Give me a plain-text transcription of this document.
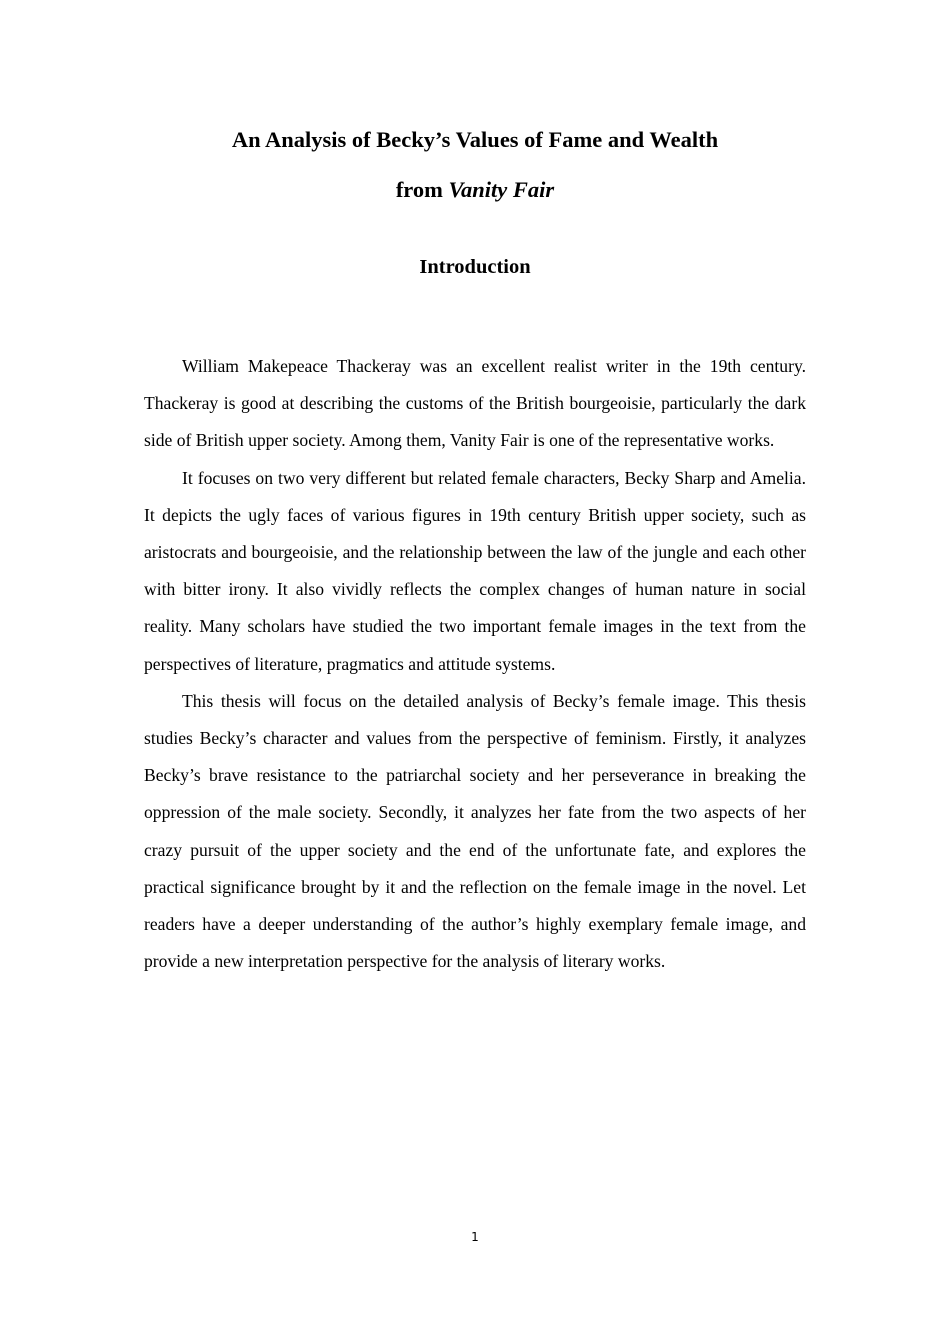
An Analysis of Becky’s Values of Fame and Wealth
from Vanity Fair
Introduction

William Makepeace Thackeray was an excellent realist writer in the 19th century. Thackeray is good at describing the customs of the British bourgeoisie, particularly the dark side of British upper society. Among them, Vanity Fair is one of the representative works.

It focuses on two very different but related female characters, Becky Sharp and Amelia. It depicts the ugly faces of various figures in 19th century British upper society, such as aristocrats and bourgeoisie, and the relationship between the law of the jungle and each other with bitter irony. It also vividly reflects the complex changes of human nature in social reality. Many scholars have studied the two important female images in the text from the perspectives of literature, pragmatics and attitude systems.

This thesis will focus on the detailed analysis of Becky’s female image. This thesis studies Becky’s character and values from the perspective of feminism. Firstly, it analyzes Becky’s brave resistance to the patriarchal society and her perseverance in breaking the oppression of the male society. Secondly, it analyzes her fate from the two aspects of her crazy pursuit of the upper society and the end of the unfortunate fate, and explores the practical significance brought by it and the reflection on the female image in the novel. Let readers have a deeper understanding of the author’s highly exemplary female image, and provide a new interpretation perspective for the analysis of literary works.

1
